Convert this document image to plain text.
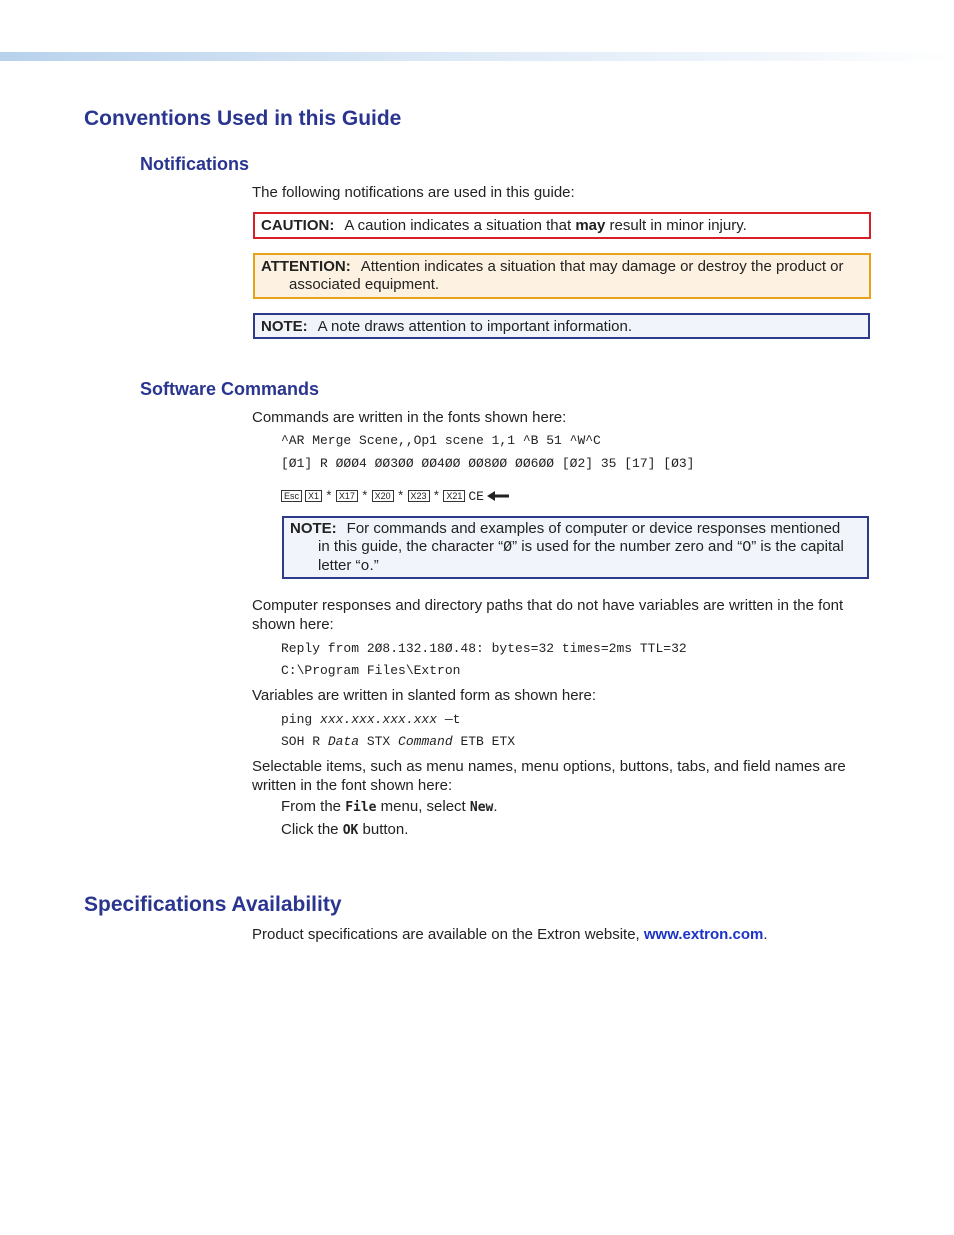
Conventions Used in this Guide
Notifications

The following notifications are used in this guide:

CAUTION: A caution indicates a situation that may result in minor injury.
ATTENTION: Attention indicates a situation that may damage or destroy the product or
associated equipment.
NOTE: A note draws attention to important information.
Software Commands

Commands are written in the fonts shown here:

^AR Merge Scene,,Op1 scene 1,1 ^B 51 ^W^C

[Ø1] R ØØØ4 ØØ3ØØ ØØ4ØØ ØØ8ØØ ØØ6ØØ [Ø2] 35 [17] [Ø3]

Esc	X1 * X17 * X20 * X23 * X21 CE
NOTE: For commands and examples of computer or device responses mentioned
in this guide, the character “Ø” is used for the number zero and “O” is the capital
letter “o.”

Computer responses and directory paths that do not have variables are written in the font shown here:

Reply from 2Ø8.132.18Ø.48: bytes=32 times=2ms TTL=32

C:\Program Files\Extron

Variables are written in slanted form as shown here:

ping xxx.xxx.xxx.xxx —t

SOH R Data STX Command ETB ETX

Selectable items, such as menu names, menu options, buttons, tabs, and field names are written in the font shown here:

From the File menu, select New.

Click the OK button.

Specifications Availability

Product specifications are available on the Extron website, www.extron.com.
